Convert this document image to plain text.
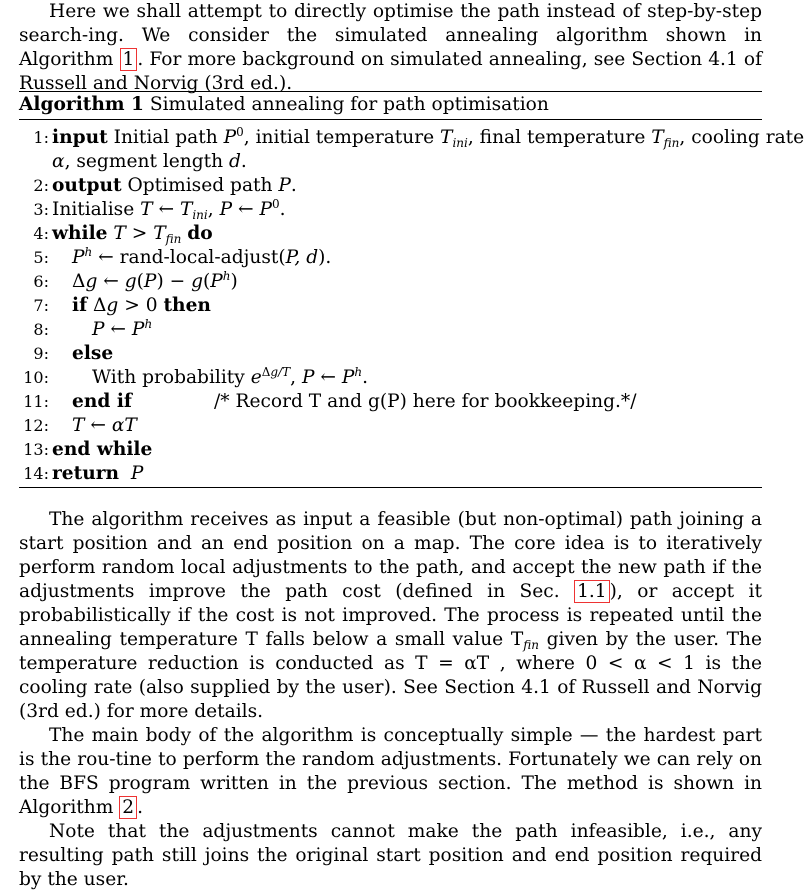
Here we shall attempt to directly optimise the path instead of step-by-step search-ing. We consider the simulated annealing algorithm shown in Algorithm 1 . For more background on simulated annealing, see Section 4.1 of Russell and Norvig (3rd ed.).

Algorithm 1 Simulated annealing for path optimisation
1: input Initial path $P^0$, initial temperature $T_{ini}$, final temperature $T_{fin}$, cooling rate
α, segment length d.
2: output Optimised path P.
3: Initialise T ← $T_{ini}$, P ← $P^0$.
4: while $T > T_{fin}$ do
5: $P^h$ ← rand-local-adjust(P, d).
6: Δg ← $g(P) - g(P^h)$
7: if Δg > 0 then
8: P ← $P^h$
9: else
10: With probability $e^{\Delta g/T}$, P ← $P^h$.
11: end if	/* Record T and g(P) here for bookkeeping.*/
12: T ← αT
13: end while
14: return P

The algorithm receives as input a feasible (but non-optimal) path joining a start position and an end position on a map. The core idea is to iteratively perform random local adjustments to the path, and accept the new path if the adjustments improve the path cost (defined in Sec. 1.1 ), or accept it probabilistically if the cost is not improved. The process is repeated until the annealing temperature T falls below a small value $T_{fin}$ given by the user. The temperature reduction is conducted as T = αT , where 0 < α < 1 is the cooling rate (also supplied by the user). See Section 4.1 of Russell and Norvig (3rd ed.) for more details.

The main body of the algorithm is conceptually simple — the hardest part is the rou-tine to perform the random adjustments. Fortunately we can rely on the BFS program written in the previous section. The method is shown in Algorithm 2 .

Note that the adjustments cannot make the path infeasible, i.e., any resulting path still joins the original start position and end position required by the user.
